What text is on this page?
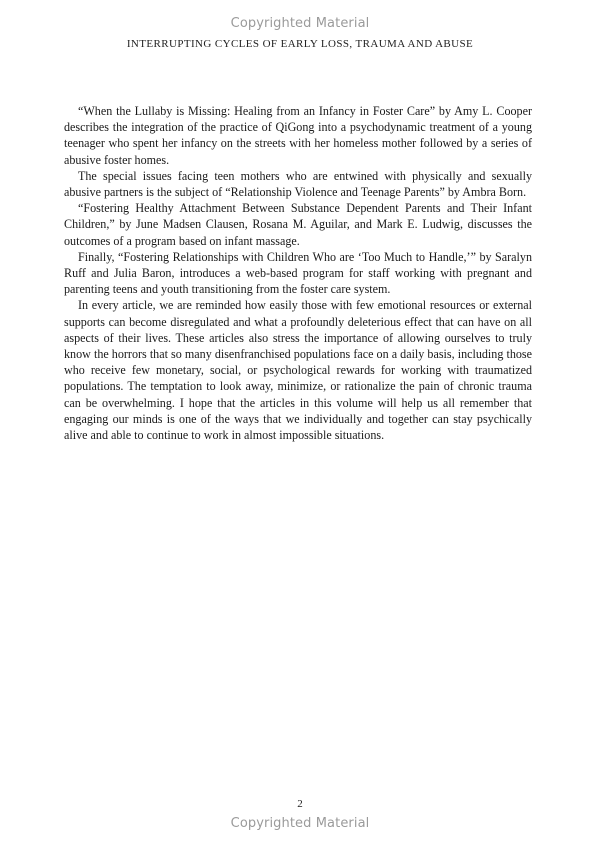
Copyrighted Material
INTERRUPTING CYCLES OF EARLY LOSS, TRAUMA AND ABUSE

“When the Lullaby is Missing: Healing from an Infancy in Foster Care” by Amy L. Cooper describes the integration of the practice of QiGong into a psychodynamic treatment of a young teenager who spent her infancy on the streets with her homeless mother followed by a series of abusive foster homes.

The special issues facing teen mothers who are entwined with physically and sexually abusive partners is the subject of “Relationship Violence and Teenage Parents” by Ambra Born.

“Fostering Healthy Attachment Between Substance Dependent Parents and Their Infant Children,” by June Madsen Clausen, Rosana M. Aguilar, and Mark E. Ludwig, discusses the outcomes of a program based on infant massage.

Finally, “Fostering Relationships with Children Who are ‘Too Much to Handle,’” by Saralyn Ruff and Julia Baron, introduces a web-based program for staff working with pregnant and parenting teens and youth transitioning from the foster care system.

In every article, we are reminded how easily those with few emotional resources or external supports can become disregulated and what a profoundly deleterious effect that can have on all aspects of their lives. These articles also stress the importance of allowing ourselves to truly know the horrors that so many disenfranchised populations face on a daily basis, including those who receive few monetary, social, or psychological rewards for working with traumatized populations. The temptation to look away, minimize, or rationalize the pain of chronic trauma can be overwhelming. I hope that the articles in this volume will help us all remember that engaging our minds is one of the ways that we individually and together can stay psychically alive and able to continue to work in almost impossible situations.

2
Copyrighted Material
